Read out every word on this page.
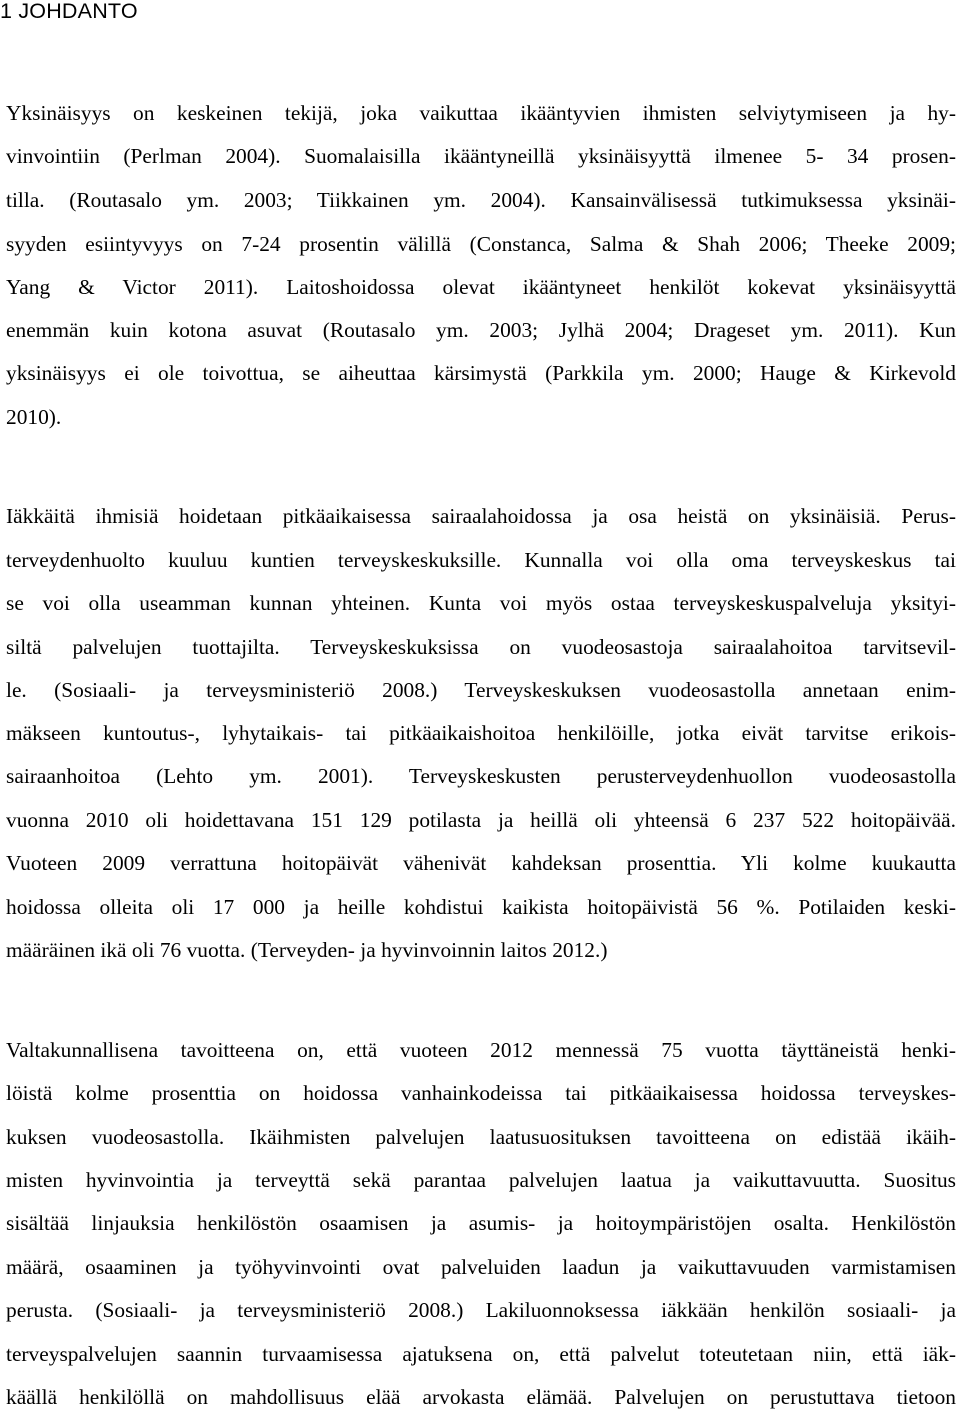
1 JOHDANTO

Yksinäisyys on keskeinen tekijä, joka vaikuttaa ikääntyvien ihmisten selviytymiseen ja hy-

vinvointiin (Perlman 2004). Suomalaisilla ikääntyneillä yksinäisyyttä ilmenee 5- 34 prosen-

tilla. (Routasalo ym. 2003; Tiikkainen ym. 2004). Kansainvälisessä tutkimuksessa yksinäi-

syyden esiintyvyys on 7-24 prosentin välillä (Constanca, Salma & Shah 2006; Theeke 2009;

Yang & Victor 2011). Laitoshoidossa olevat ikääntyneet henkilöt kokevat yksinäisyyttä

enemmän kuin kotona asuvat (Routasalo ym. 2003; Jylhä 2004; Drageset ym. 2011). Kun

yksinäisyys ei ole toivottua, se aiheuttaa kärsimystä (Parkkila ym. 2000; Hauge & Kirkevold

2010).

Iäkkäitä ihmisiä hoidetaan pitkäaikaisessa sairaalahoidossa ja osa heistä on yksinäisiä. Perus-

terveydenhuolto kuuluu kuntien terveyskeskuksille. Kunnalla voi olla oma terveyskeskus tai

se voi olla useamman kunnan yhteinen. Kunta voi myös ostaa terveyskeskuspalveluja yksityi-

siltä palvelujen tuottajilta. Terveyskeskuksissa on vuodeosastoja sairaalahoitoa tarvitsevil-

le. (Sosiaali- ja terveysministeriö 2008.) Terveyskeskuksen vuodeosastolla annetaan enim-

mäkseen kuntoutus-, lyhytaikais- tai pitkäaikaishoitoa henkilöille, jotka eivät tarvitse erikois-

sairaanhoitoa (Lehto ym. 2001). Terveyskeskusten perusterveydenhuollon vuodeosastolla

vuonna 2010 oli hoidettavana 151 129 potilasta ja heillä oli yhteensä 6 237 522 hoitopäivää.

Vuoteen 2009 verrattuna hoitopäivät vähenivät kahdeksan prosenttia. Yli kolme kuukautta

hoidossa olleita oli 17 000 ja heille kohdistui kaikista hoitopäivistä 56 %. Potilaiden keski-

määräinen ikä oli 76 vuotta. (Terveyden- ja hyvinvoinnin laitos 2012.)

Valtakunnallisena tavoitteena on, että vuoteen 2012 mennessä 75 vuotta täyttäneistä henki-

löistä kolme prosenttia on hoidossa vanhainkodeissa tai pitkäaikaisessa hoidossa terveyskes-

kuksen vuodeosastolla. Ikäihmisten palvelujen laatusuosituksen tavoitteena on edistää ikäih-

misten hyvinvointia ja terveyttä sekä parantaa palvelujen laatua ja vaikuttavuutta. Suositus

sisältää linjauksia henkilöstön osaamisen ja asumis- ja hoitoympäristöjen osalta. Henkilöstön

määrä, osaaminen ja työhyvinvointi ovat palveluiden laadun ja vaikuttavuuden varmistamisen

perusta. (Sosiaali- ja terveysministeriö 2008.) Lakiluonnoksessa iäkkään henkilön sosiaali- ja

terveyspalvelujen saannin turvaamisessa ajatuksena on, että palvelut toteutetaan niin, että iäk-

käällä henkilöllä on mahdollisuus elää arvokasta elämää. Palvelujen on perustuttava tietoon
